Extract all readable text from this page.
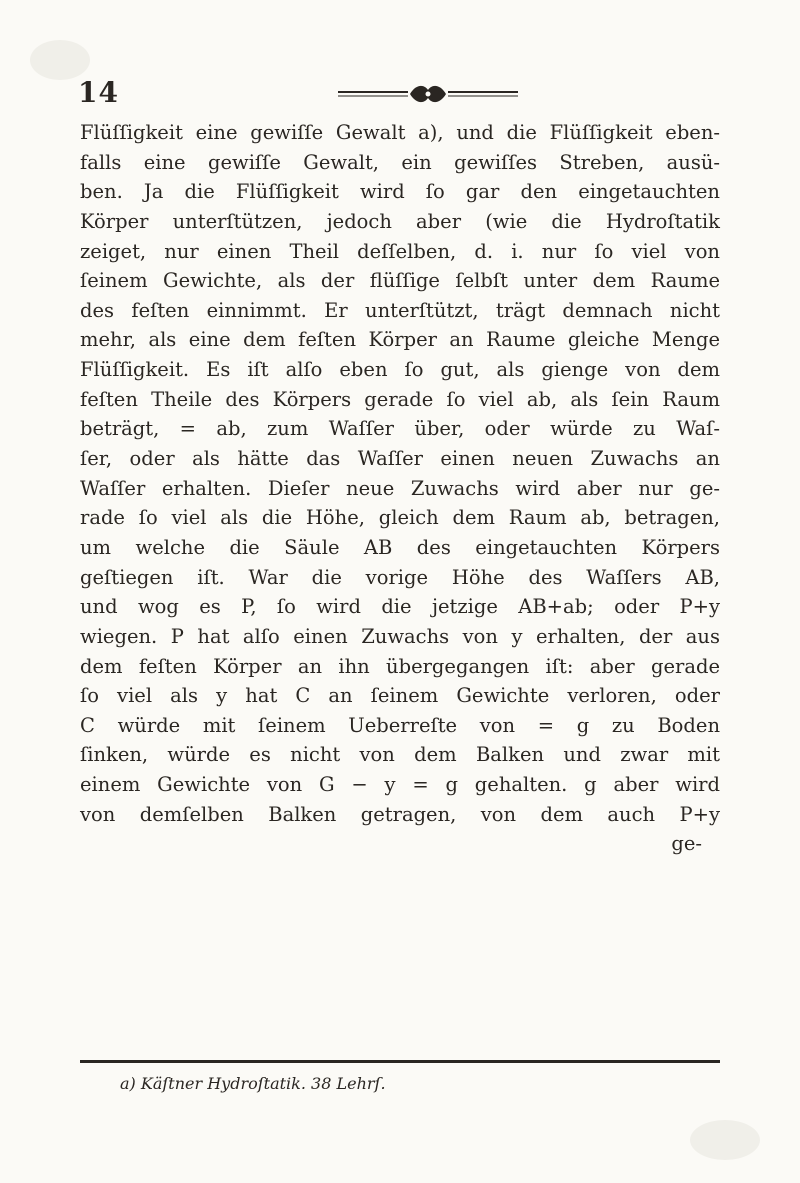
14
Flüſſigkeit eine gewiſſe Gewalt a), und die Flüſſigkeit eben-
falls eine gewiſſe Gewalt, ein gewiſſes Streben, ausü-
ben. Ja die Flüſſigkeit wird ſo gar den eingetauchten
Körper unterſtützen, jedoch aber (wie die Hydroſtatik
zeiget, nur einen Theil deſſelben, d. i. nur ſo viel von
ſeinem Gewichte, als der flüſſige ſelbſt unter dem Raume
des feſten einnimmt. Er unterſtützt, trägt demnach nicht
mehr, als eine dem feſten Körper an Raume gleiche Menge
Flüſſigkeit. Es iſt alſo eben ſo gut, als gienge von dem
feſten Theile des Körpers gerade ſo viel ab, als ſein Raum
beträgt, = ab, zum Waſſer über, oder würde zu Waſ-
ſer, oder als hätte das Waſſer einen neuen Zuwachs an
Waſſer erhalten. Dieſer neue Zuwachs wird aber nur ge-
rade ſo viel als die Höhe, gleich dem Raum ab, betragen,
um welche die Säule AB des eingetauchten Körpers
geſtiegen iſt. War die vorige Höhe des Waſſers AB,
und wog es P, ſo wird die jetzige AB+ab; oder P+y
wiegen. P hat alſo einen Zuwachs von y erhalten, der aus
dem feſten Körper an ihn übergegangen iſt: aber gerade
ſo viel als y hat C an ſeinem Gewichte verloren, oder
C würde mit ſeinem Ueberreſte von = g zu Boden
ſinken, würde es nicht von dem Balken und zwar mit
einem Gewichte von G − y = g gehalten. g aber wird
von demſelben Balken getragen, von dem auch P+y
ge-
a) Käſtner Hydroſtatik. 38 Lehrſ.
